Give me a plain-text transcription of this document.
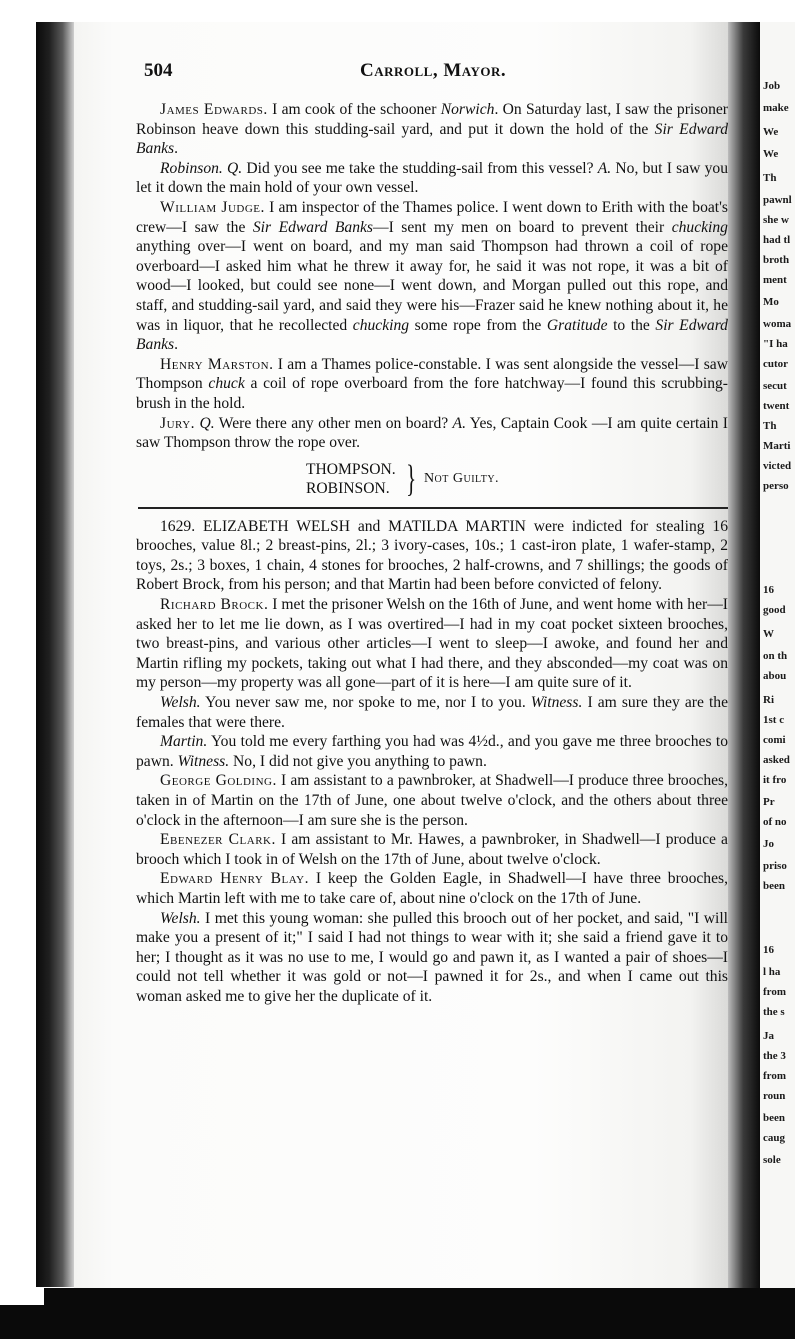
Job
make
We
We
Th
pawnl
she w
had tl
broth
ment
Mo
woma
"I ha
cutor
secut
twent
Th
Marti
victed
perso
16
good
W
on th
abou
Ri
1st c
comi
asked
it fro
Pr
of no
Jo
priso
been
16
l ha
from
the s
Ja
the 3
from
roun
been
caug
sole
504	Carroll, Mayor.

James Edwards. I am cook of the schooner Norwich. On Saturday last, I saw the prisoner Robinson heave down this studding-sail yard, and put it down the hold of the Sir Edward Banks.

Robinson. Q. Did you see me take the studding-sail from this vessel? A. No, but I saw you let it down the main hold of your own vessel.

William Judge. I am inspector of the Thames police. I went down to Erith with the boat's crew—I saw the Sir Edward Banks—I sent my men on board to prevent their chucking anything over—I went on board, and my man said Thompson had thrown a coil of rope overboard—I asked him what he threw it away for, he said it was not rope, it was a bit of wood—I looked, but could see none—I went down, and Morgan pulled out this rope, and staff, and studding-sail yard, and said they were his—Frazer said he knew nothing about it, he was in liquor, that he recollected chucking some rope from the Gratitude to the Sir Edward Banks.

Henry Marston. I am a Thames police-constable. I was sent alongside the vessel—I saw Thompson chuck a coil of rope overboard from the fore hatchway—I found this scrubbing-brush in the hold.

Jury. Q. Were there any other men on board? A. Yes, Captain Cook —I am quite certain I saw Thompson throw the rope over.

THOMPSON.
ROBINSON. } Not Guilty.

1629. ELIZABETH WELSH and MATILDA MARTIN were indicted for stealing 16 brooches, value 8l.; 2 breast-pins, 2l.; 3 ivory-cases, 10s.; 1 cast-iron plate, 1 wafer-stamp, 2 toys, 2s.; 3 boxes, 1 chain, 4 stones for brooches, 2 half-crowns, and 7 shillings; the goods of Robert Brock, from his person; and that Martin had been before convicted of felony.

Richard Brock. I met the prisoner Welsh on the 16th of June, and went home with her—I asked her to let me lie down, as I was overtired—I had in my coat pocket sixteen brooches, two breast-pins, and various other articles—I went to sleep—I awoke, and found her and Martin rifling my pockets, taking out what I had there, and they absconded—my coat was on my person—my property was all gone—part of it is here—I am quite sure of it.

Welsh. You never saw me, nor spoke to me, nor I to you. Witness. I am sure they are the females that were there.

Martin. You told me every farthing you had was 4½d., and you gave me three brooches to pawn. Witness. No, I did not give you anything to pawn.

George Golding. I am assistant to a pawnbroker, at Shadwell—I produce three brooches, taken in of Martin on the 17th of June, one about twelve o'clock, and the others about three o'clock in the afternoon—I am sure she is the person.

Ebenezer Clark. I am assistant to Mr. Hawes, a pawnbroker, in Shadwell—I produce a brooch which I took in of Welsh on the 17th of June, about twelve o'clock.

Edward Henry Blay. I keep the Golden Eagle, in Shadwell—I have three brooches, which Martin left with me to take care of, about nine o'clock on the 17th of June.

Welsh. I met this young woman: she pulled this brooch out of her pocket, and said, "I will make you a present of it;" I said I had not things to wear with it; she said a friend gave it to her; I thought as it was no use to me, I would go and pawn it, as I wanted a pair of shoes—I could not tell whether it was gold or not—I pawned it for 2s., and when I came out this woman asked me to give her the duplicate of it.
